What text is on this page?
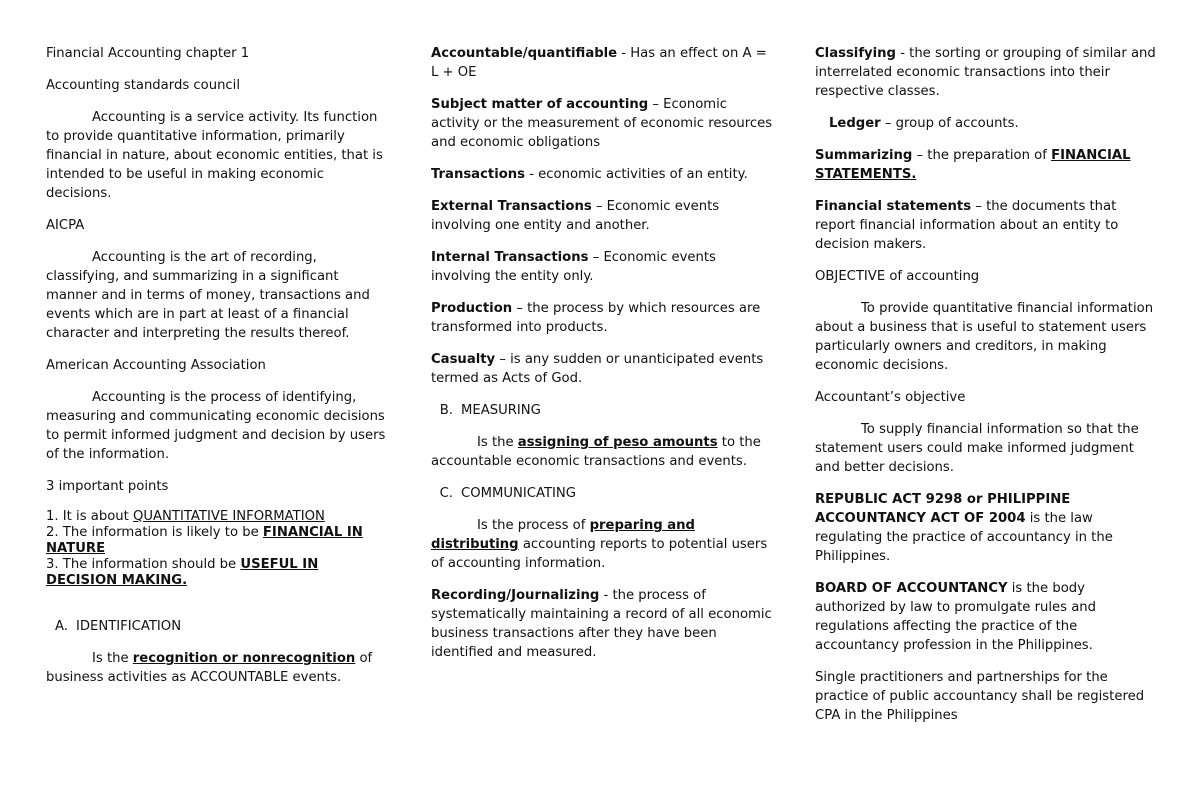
Financial Accounting chapter 1

Accounting standards council

Accounting is a service activity. Its function to provide quantitative information, primarily financial in nature, about economic entities, that is intended to be useful in making economic decisions.

AICPA

Accounting is the art of recording, classifying, and summarizing in a significant manner and in terms of money, transactions and events which are in part at least of a financial character and interpreting the results thereof.

American Accounting Association

Accounting is the process of identifying, measuring and communicating economic decisions to permit informed judgment and decision by users of the information.

3 important points

1. It is about QUANTITATIVE INFORMATION
2. The information is likely to be FINANCIAL IN NATURE
3. The information should be USEFUL IN DECISION MAKING.

A. IDENTIFICATION

Is the recognition or nonrecognition of business activities as ACCOUNTABLE events.

Accountable/quantifiable - Has an effect on A = L + OE

Subject matter of accounting – Economic activity or the measurement of economic resources and economic obligations

Transactions - economic activities of an entity.

External Transactions – Economic events involving one entity and another.

Internal Transactions – Economic events involving the entity only.

Production – the process by which resources are transformed into products.

Casualty – is any sudden or unanticipated events termed as Acts of God.

B. MEASURING

Is the assigning of peso amounts to the accountable economic transactions and events.

C. COMMUNICATING

Is the process of preparing and distributing accounting reports to potential users of accounting information.

Recording/Journalizing - the process of systematically maintaining a record of all economic business transactions after they have been identified and measured.

Classifying - the sorting or grouping of similar and interrelated economic transactions into their respective classes.

Ledger – group of accounts.

Summarizing – the preparation of FINANCIAL STATEMENTS.

Financial statements – the documents that report financial information about an entity to decision makers.

OBJECTIVE of accounting

To provide quantitative financial information about a business that is useful to statement users particularly owners and creditors, in making economic decisions.

Accountant’s objective

To supply financial information so that the statement users could make informed judgment and better decisions.

REPUBLIC ACT 9298 or PHILIPPINE ACCOUNTANCY ACT OF 2004 is the law regulating the practice of accountancy in the Philippines.

BOARD OF ACCOUNTANCY is the body authorized by law to promulgate rules and regulations affecting the practice of the accountancy profession in the Philippines.

Single practitioners and partnerships for the practice of public accountancy shall be registered CPA in the Philippines
